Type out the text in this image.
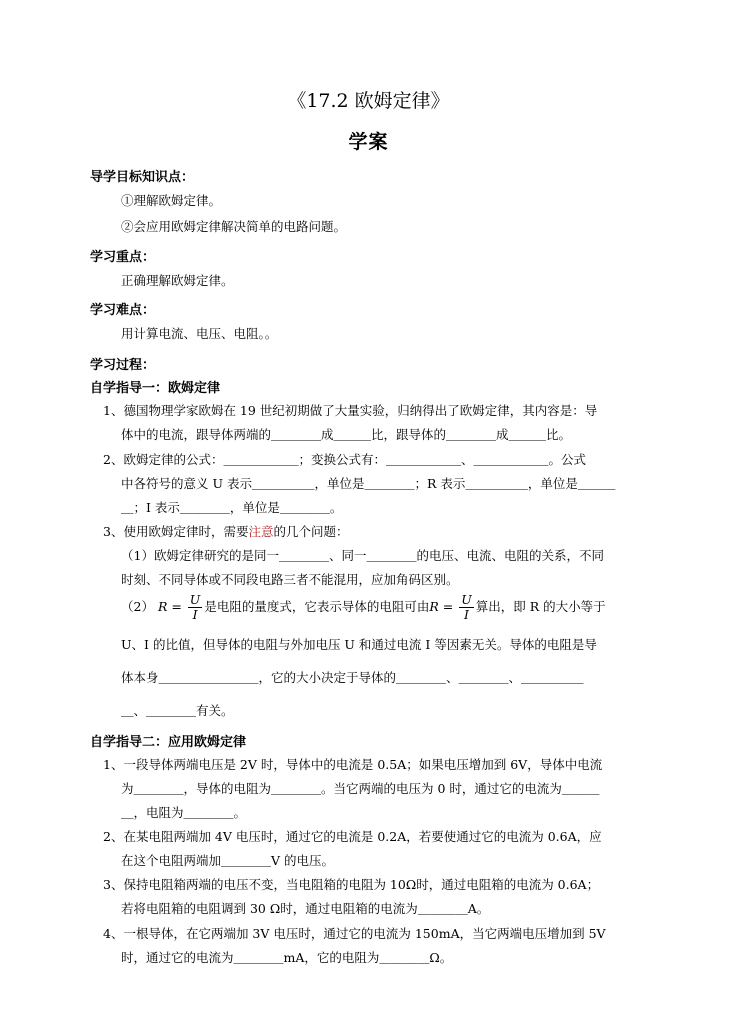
《17.2 欧姆定律》
学案
导学目标知识点：
①理解欧姆定律。
②会应用欧姆定律解决简单的电路问题。
学习重点：
正确理解欧姆定律。
学习难点：
用计算电流、电压、电阻。。
学习过程：
自学指导一：欧姆定律
1、德国物理学家欧姆在 19 世纪初期做了大量实验，归纳得出了欧姆定律，其内容是：导
体中的电流，跟导体两端的＿＿＿＿成＿＿＿比，跟导体的＿＿＿＿成＿＿＿比。
2、欧姆定律的公式：＿＿＿＿＿＿；变换公式有：＿＿＿＿＿＿、＿＿＿＿＿＿。公式
中各符号的意义 U 表示＿＿＿＿＿，单位是＿＿＿＿；R 表示＿＿＿＿＿，单位是＿＿＿
＿；I 表示＿＿＿＿，单位是＿＿＿＿。
3、使用欧姆定律时，需要注意的几个问题：
（1）欧姆定律研究的是同一＿＿＿＿、同一＿＿＿＿的电压、电流、电阻的关系，不同
时刻、不同导体或不同段电路三者不能混用，应加角码区别。
（2） $R = \frac{U}{I}$ 是电阻的量度式，它表示导体的电阻可由$R = \frac{U}{I}$ 算出，即 R 的大小等于
U、I 的比值，但导体的电阻与外加电压 U 和通过电流 I 等因素无关。导体的电阻是导
体本身＿＿＿＿＿＿＿＿，它的大小决定于导体的＿＿＿＿、＿＿＿＿、＿＿＿＿＿
＿、＿＿＿＿有关。
自学指导二：应用欧姆定律
1、一段导体两端电压是 2V 时，导体中的电流是 0.5A；如果电压增加到 6V，导体中电流
为＿＿＿＿，导体的电阻为＿＿＿＿。当它两端的电压为 0 时，通过它的电流为＿＿＿
＿，电阻为＿＿＿＿。
2、在某电阻两端加 4V 电压时，通过它的电流是 0.2A，若要使通过它的电流为 0.6A，应
在这个电阻两端加＿＿＿＿V 的电压。
3、保持电阻箱两端的电压不变，当电阻箱的电阻为 10Ω时，通过电阻箱的电流为 0.6A；
若将电阻箱的电阻调到 30 Ω时，通过电阻箱的电流为＿＿＿＿A。
4、一根导体，在它两端加 3V 电压时，通过它的电流为 150mA，当它两端电压增加到 5V
时，通过它的电流为＿＿＿＿mA，它的电阻为＿＿＿＿Ω。
